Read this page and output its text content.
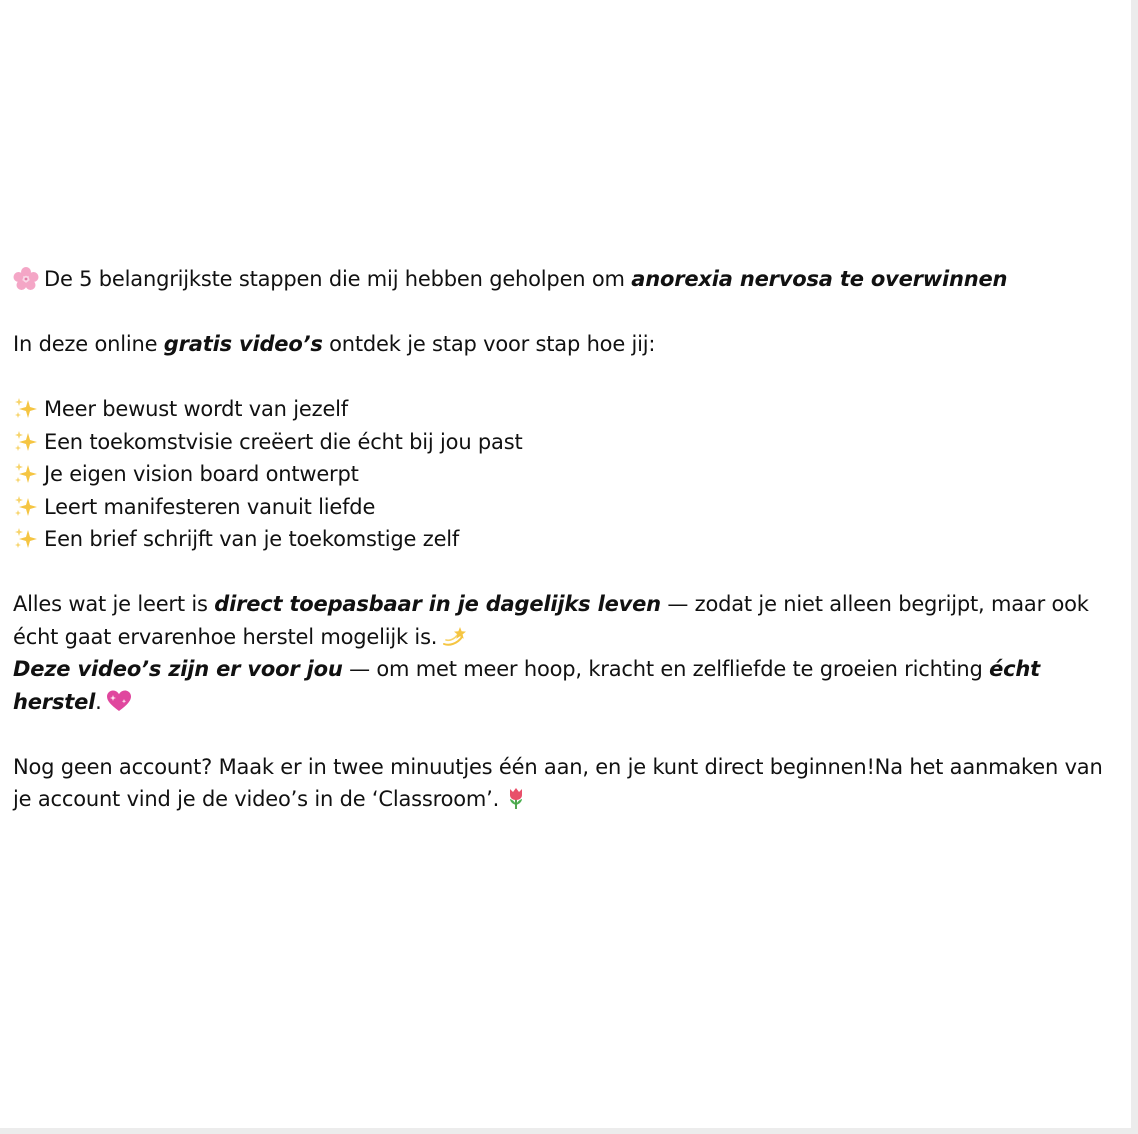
De 5 belangrijkste stappen die mij hebben geholpen om anorexia nervosa te overwinnen

In deze online gratis video’s ontdek je stap voor stap hoe jij:

Meer bewust wordt van jezelf

Een toekomstvisie creëert die écht bij jou past

Je eigen vision board ontwerpt

Leert manifesteren vanuit liefde

Een brief schrijft van je toekomstige zelf

Alles wat je leert is direct toepasbaar in je dagelijks leven — zodat je niet alleen begrijpt, maar ook écht gaat ervarenhoe herstel mogelijk is.

Deze video’s zijn er voor jou — om met meer hoop, kracht en zelfliefde te groeien richting écht herstel.

Nog geen account? Maak er in twee minuutjes één aan, en je kunt direct beginnen!Na het aanmaken van je account vind je de video’s in de ‘Classroom’.
